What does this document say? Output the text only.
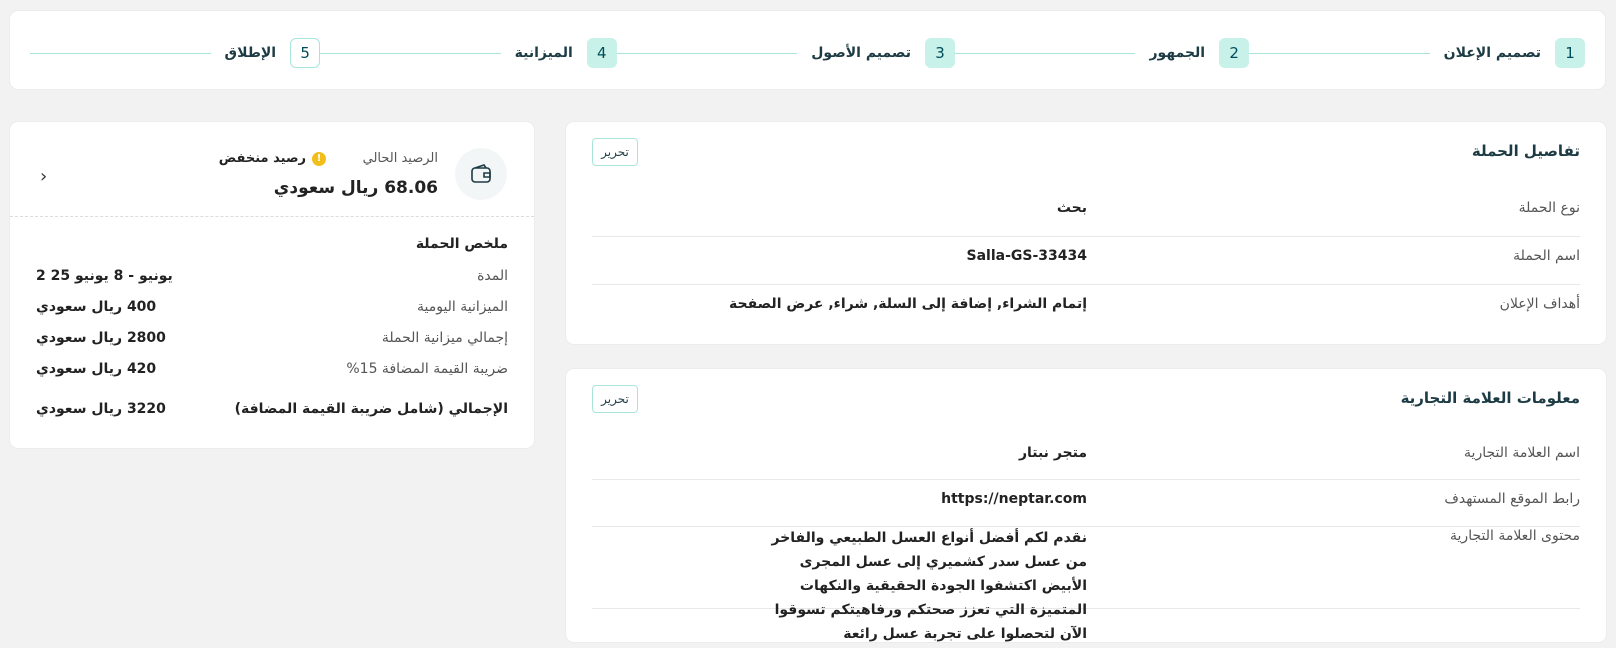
1
تصميم الإعلان
2
الجمهور
3
تصميم الأصول
4
الميزانية
5
الإطلاق
تفاصيل الحملة
تحرير
نوع الحملة
بحث
اسم الحملة
Salla-GS-33434
أهداف الإعلان
إتمام الشراء, إضافة إلى السلة, شراء, عرض الصفحة
معلومات العلامة التجارية
تحرير
اسم العلامة التجارية
متجر نبتار
رابط الموقع المستهدف
https://neptar.com
محتوى العلامة التجارية
نقدم لكم أفضل أنواع العسل الطبيعي والفاخر من عسل سدر كشميري إلى عسل المجرى الأبيض اكتشفوا الجودة الحقيقية والنكهات المتميزة التي تعزز صحتكم ورفاهيتكم تسوقوا الآن لتحصلوا على تجربة عسل رائعة
الرصيد الحالي
!
رصيد منخفض
68.06 ريال سعودي
‹
ملخص الحملة
المدة
يونيو - 8 يونيو 25 2
الميزانية اليومية
400 ريال سعودي
إجمالي ميزانية الحملة
2800 ريال سعودي
ضريبة القيمة المضافة 15%
420 ريال سعودي
الإجمالي (شامل ضريبة القيمة المضافة)
3220 ريال سعودي
